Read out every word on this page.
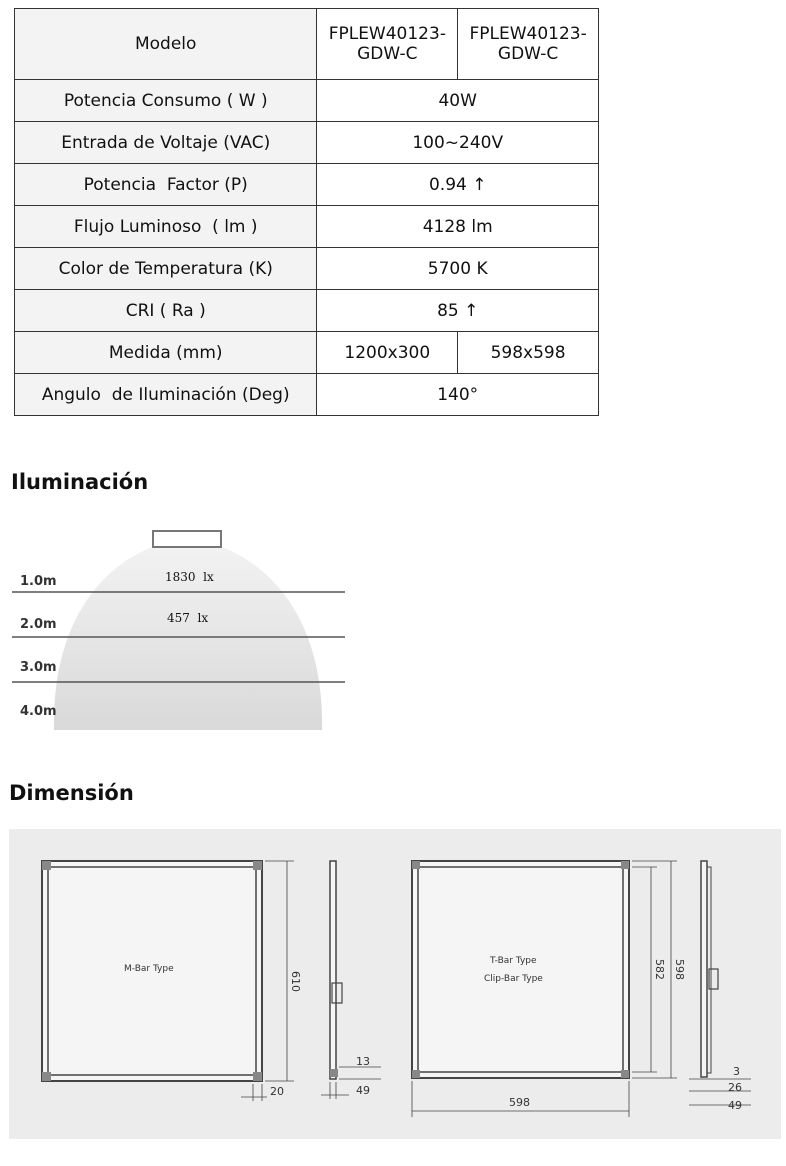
Modelo	FPLEW40123-GDW-C	FPLEW40123-GDW-C
Potencia Consumo ( W )	40W	
Entrada de Voltaje (VAC)	100~240V	
Potencia  Factor (P)	0.94 ↑	
Flujo Luminoso  ( lm )	4128 lm	
Color de Temperatura (K)	5700 K	
CRI ( Ra )	85 ↑	
Medida (mm)	1200x300	598x598
Angulo  de Iluminación (Deg)	140°	
Iluminación
1.0m
2.0m
3.0m
4.0m
1830  lx
457  lx
Dimensión
M-Bar Type
610
20
13
49
T-Bar Type
Clip-Bar Type	582 598
598
3
26
49
